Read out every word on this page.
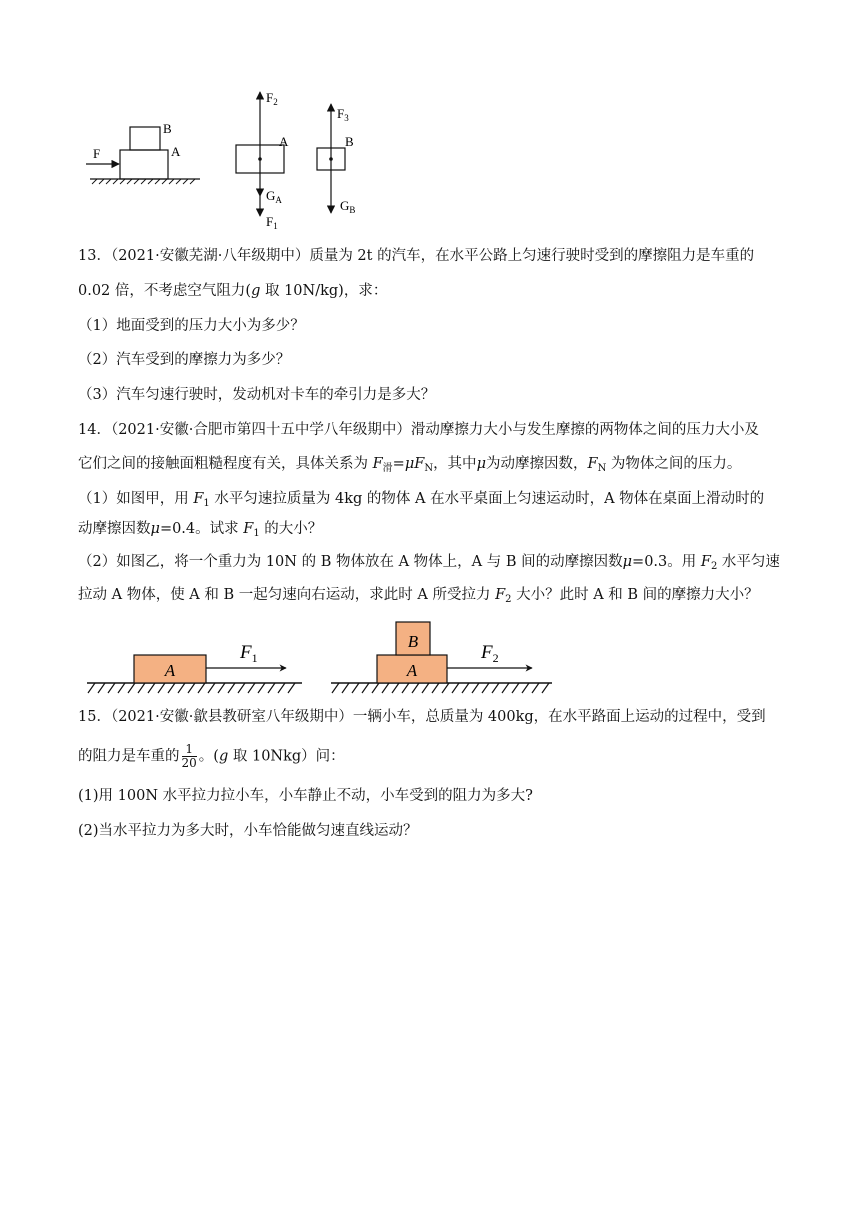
F
B
A
$F_2$
A
$G_A$
$F_1$
$F_3$
B
$G_B$
13．（2021·安徽芜湖·八年级期中）质量为 2t 的汽车，在水平公路上匀速行驶时受到的摩擦阻力是车重的
0.02 倍，不考虑空气阻力(g 取 10N/kg)，求：
（1）地面受到的压力大小为多少？
（2）汽车受到的摩擦力为多少？
（3）汽车匀速行驶时，发动机对卡车的牵引力是多大？
14．（2021·安徽·合肥市第四十五中学八年级期中）滑动摩擦力大小与发生摩擦的两物体之间的压力大小及
它们之间的接触面粗糙程度有关，具体关系为 $F_滑=\mu F_N$，其中μ为动摩擦因数，$F_N$ 为物体之间的压力。
（1）如图甲，用 $F_1$ 水平匀速拉质量为 4kg 的物体 A 在水平桌面上匀速运动时，A 物体在桌面上滑动时的
动摩擦因数μ=0.4。试求 $F_1$ 的大小？
（2）如图乙，将一个重力为 10N 的 B 物体放在 A 物体上，A 与 B 间的动摩擦因数μ=0.3。用 $F_2$ 水平匀速
拉动 A 物体，使 A 和 B 一起匀速向右运动，求此时 A 所受拉力 $F_2$ 大小？此时 A 和 B 间的摩擦力大小？
A
$F_1$
B
A
$F_2$
15．（2021·安徽·歙县教研室八年级期中）一辆小车，总质量为 400kg，在水平路面上运动的过程中，受到
的阻力是车重的 $\frac{1}{20}$ 。(g 取 10Nkg）问：
(1)用 100N 水平拉力拉小车，小车静止不动，小车受到的阻力为多大?
(2)当水平拉力为多大时，小车恰能做匀速直线运动？
